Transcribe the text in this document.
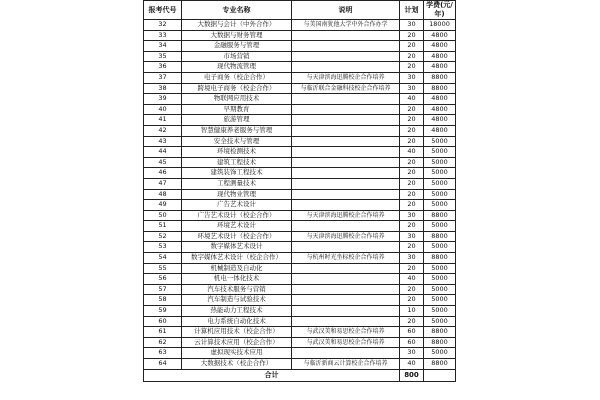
报考代号	专业名称	说明	计划	学费(元/年)
32	大数据与会计（中外合作）	与美国南犹他大学中外合作办学	30	18000
33	大数据与财务管理		20	4800
34	金融服务与管理		20	4800
35	市场营销		20	4800
36	现代物流管理		20	4800
37	电子商务（校企合作）	与天津滨海迅腾校企合作培养	30	8800
38	跨境电子商务（校企合作）	与临沂联合金融科技校企合作培养	30	8800
39	物联网应用技术		40	4800
40	早期教育		20	4800
41	旅游管理		20	4800
42	智慧健康养老服务与管理		20	4800
43	安全技术与管理		20	5000
44	环境检测技术		40	5000
45	建筑工程技术		20	5000
46	建筑装饰工程技术		20	5000
47	工程测量技术		20	5000
48	现代物业管理		20	5000
49	广告艺术设计		20	5000
50	广告艺术设计（校企合作）	与天津滨海迅腾校企合作培养	30	8800
51	环境艺术设计		20	5000
52	环境艺术设计（校企合作）	与天津滨海迅腾校企合作培养	30	8800
53	数字媒体艺术设计		20	5000
54	数字媒体艺术设计（校企合作）	与杭州时光坐标校企合作培养	30	8800
55	机械制造及自动化		20	5000
56	机电一体化技术		40	5000
57	汽车技术服务与营销		20	5000
58	汽车制造与试验技术		20	5000
59	热能动力工程技术		10	5000
60	电力系统自动化技术		20	5000
61	计算机应用技术（校企合作）	与武汉美和易思校企合作培养	60	8800
62	云计算技术应用（校企合作）	与武汉美和易思校企合作培养	60	8800
63	虚拟现实技术应用		30	5000
64	大数据技术（校企合作）	与临沂新商云计算校企合作培养	40	8800
合计			800	
